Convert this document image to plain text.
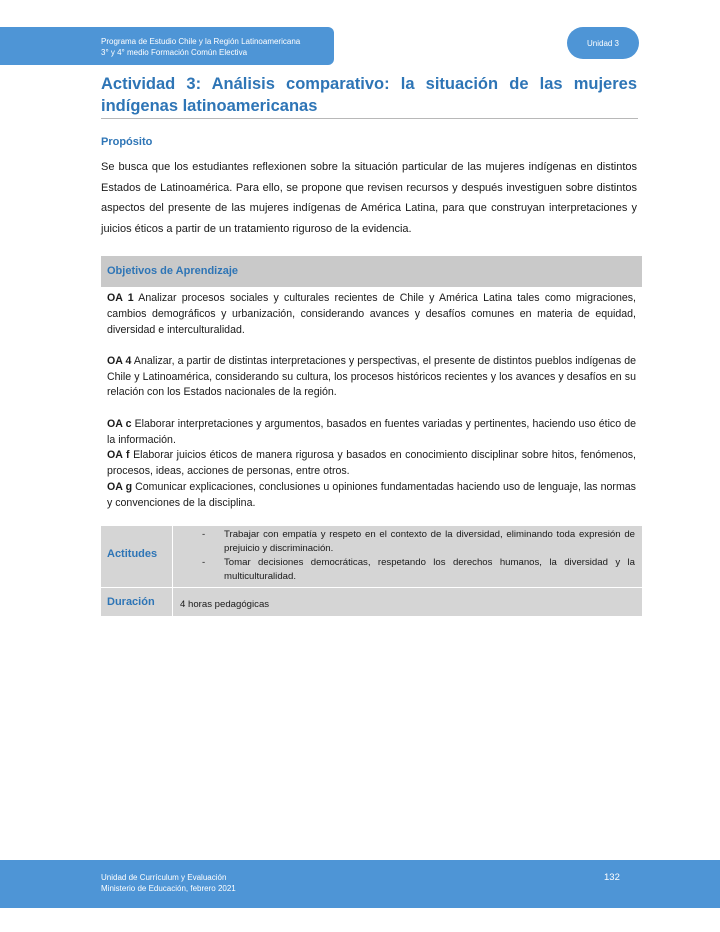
Programa de Estudio Chile y la Región Latinoamericana
3° y 4° medio Formación Común Electiva
Unidad 3
Actividad 3: Análisis comparativo: la situación de las mujeres indígenas latinoamericanas
Propósito

Se busca que los estudiantes reflexionen sobre la situación particular de las mujeres indígenas en distintos Estados de Latinoamérica. Para ello, se propone que revisen recursos y después investiguen sobre distintos aspectos del presente de las mujeres indígenas de América Latina, para que construyan interpretaciones y juicios éticos a partir de un tratamiento riguroso de la evidencia.

Objetivos de Aprendizaje

OA 1 Analizar procesos sociales y culturales recientes de Chile y América Latina tales como migraciones, cambios demográficos y urbanización, considerando avances y desafíos comunes en materia de equidad, diversidad e interculturalidad.

OA 4 Analizar, a partir de distintas interpretaciones y perspectivas, el presente de distintos pueblos indígenas de Chile y Latinoamérica, considerando su cultura, los procesos históricos recientes y los avances y desafíos en su relación con los Estados nacionales de la región.

OA c Elaborar interpretaciones y argumentos, basados en fuentes variadas y pertinentes, haciendo uso ético de la información.

OA f Elaborar juicios éticos de manera rigurosa y basados en conocimiento disciplinar sobre hitos, fenómenos, procesos, ideas, acciones de personas, entre otros.

OA g Comunicar explicaciones, conclusiones u opiniones fundamentadas haciendo uso de lenguaje, las normas y convenciones de la disciplina.

Actitudes
- Trabajar con empatía y respeto en el contexto de la diversidad, eliminando toda expresión de prejuicio y discriminación.
- Tomar decisiones democráticas, respetando los derechos humanos, la diversidad y la multiculturalidad.
Duración	4 horas pedagógicas
Unidad de Currículum y Evaluación
Ministerio de Educación, febrero 2021
132
